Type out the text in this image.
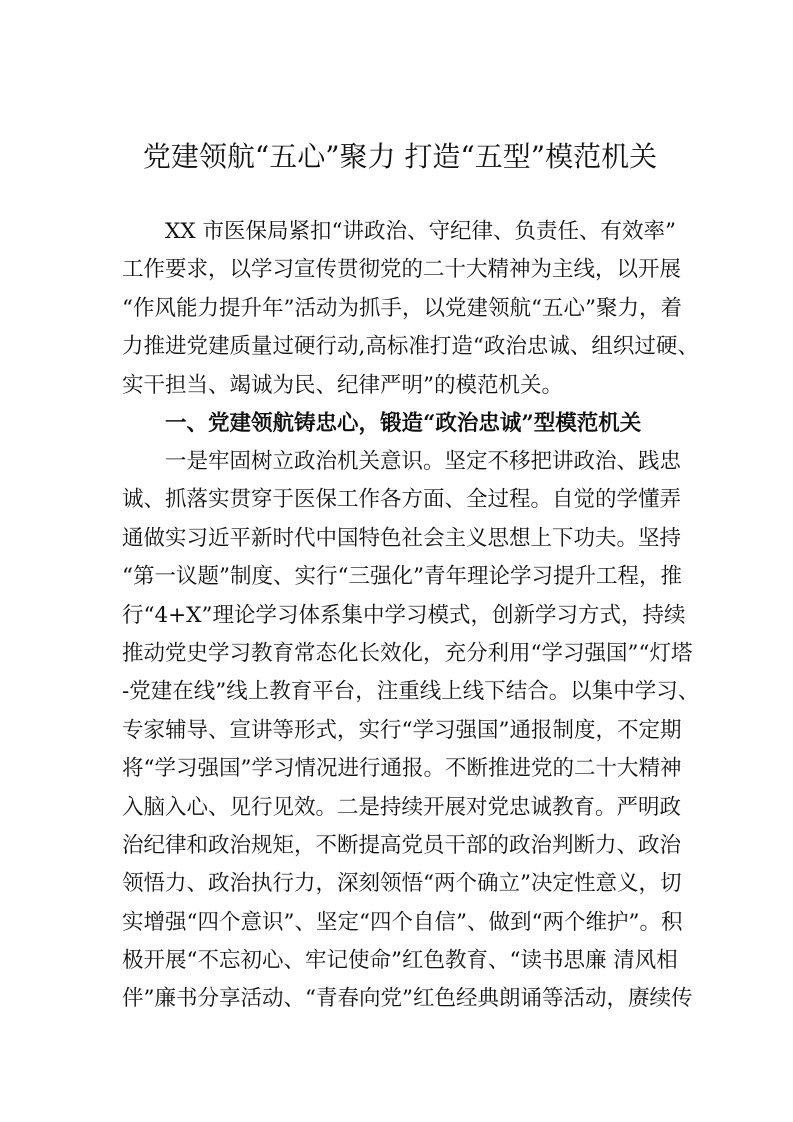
党建领航“五心”聚力 打造“五型”模范机关
XX 市医保局紧扣“讲政治、守纪律、负责任、有效率”
工作要求，以学习宣传贯彻党的二十大精神为主线，以开展
“作风能力提升年”活动为抓手，以党建领航“五心”聚力，着
力推进党建质量过硬行动,高标准打造“政治忠诚、组织过硬、
实干担当、竭诚为民、纪律严明”的模范机关。
一、党建领航铸忠心，锻造“政治忠诚”型模范机关
一是牢固树立政治机关意识。坚定不移把讲政治、践忠
诚、抓落实贯穿于医保工作各方面、全过程。自觉的学懂弄
通做实习近平新时代中国特色社会主义思想上下功夫。坚持
“第一议题”制度、实行“三强化”青年理论学习提升工程，推
行“4+X”理论学习体系集中学习模式，创新学习方式，持续
推动党史学习教育常态化长效化，充分利用“学习强国”“灯塔
-党建在线”线上教育平台，注重线上线下结合。以集中学习、
专家辅导、宣讲等形式，实行“学习强国”通报制度，不定期
将“学习强国”学习情况进行通报。不断推进党的二十大精神
入脑入心、见行见效。二是持续开展对党忠诚教育。严明政
治纪律和政治规矩，不断提高党员干部的政治判断力、政治
领悟力、政治执行力，深刻领悟“两个确立”决定性意义，切
实增强“四个意识”、坚定“四个自信”、做到“两个维护”。积
极开展“不忘初心、牢记使命”红色教育、“读书思廉 清风相
伴”廉书分享活动、“青春向党”红色经典朗诵等活动，赓续传
